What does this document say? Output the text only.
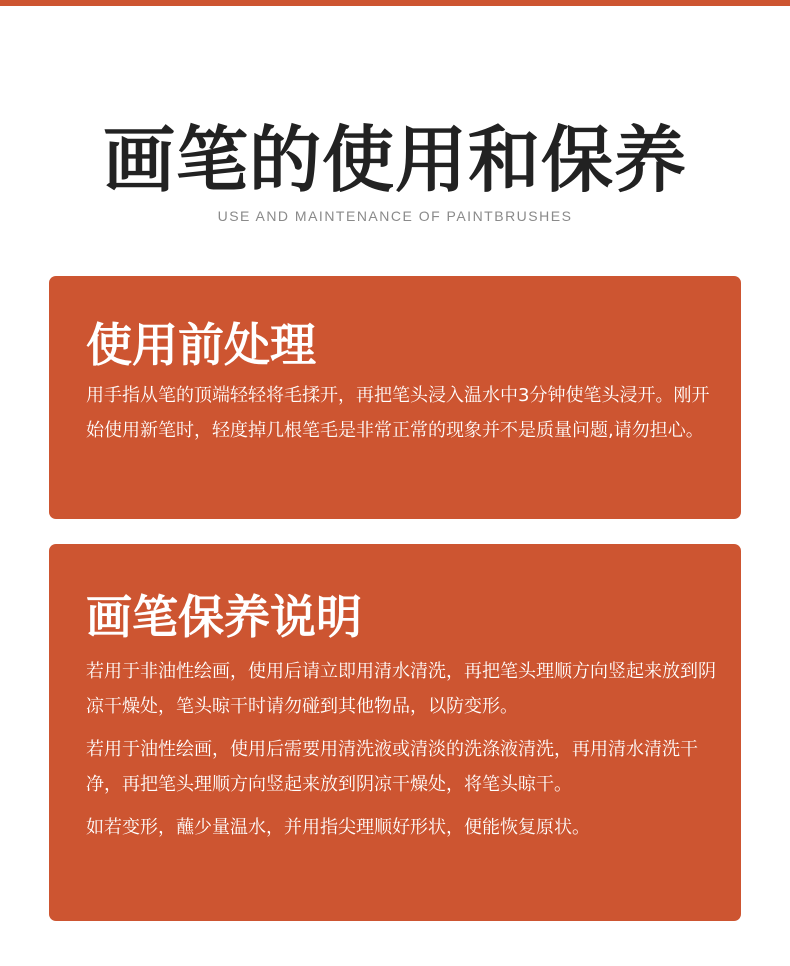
画笔的使用和保养
USE AND MAINTENANCE OF PAINTBRUSHES
使用前处理

用手指从笔的顶端轻轻将毛揉开，再把笔头浸入温水中3分钟使笔头浸开。刚开始使用新笔时，轻度掉几根笔毛是非常正常的现象并不是质量问题,请勿担心。

画笔保养说明

若用于非油性绘画，使用后请立即用清水清洗，再把笔头理顺方向竖起来放到阴凉干燥处，笔头晾干时请勿碰到其他物品，以防变形。

若用于油性绘画，使用后需要用清洗液或清淡的洗涤液清洗，再用清水清洗干净，再把笔头理顺方向竖起来放到阴凉干燥处，将笔头晾干。

如若变形，蘸少量温水，并用指尖理顺好形状，便能恢复原状。
